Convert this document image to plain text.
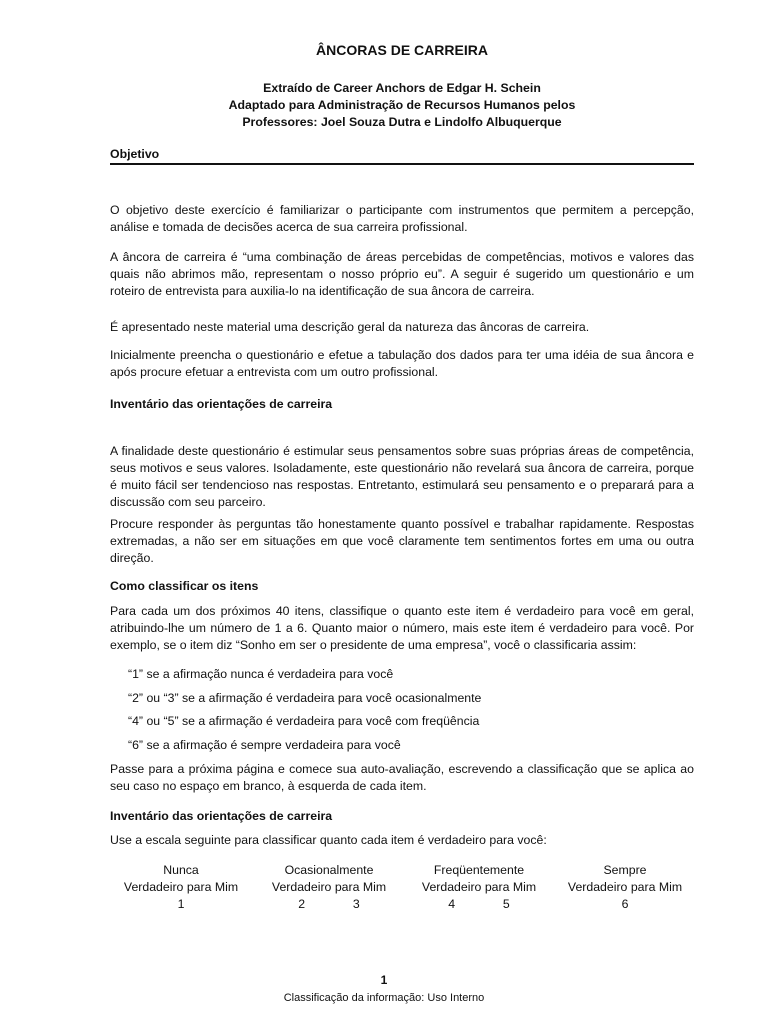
ÂNCORAS DE CARREIRA
Extraído de Career Anchors de Edgar H. Schein
Adaptado para Administração de Recursos Humanos pelos
Professores: Joel Souza Dutra e Lindolfo Albuquerque
Objetivo
O objetivo deste exercício é familiarizar o participante com instrumentos que permitem a percepção, análise e tomada de decisões acerca de sua carreira profissional.
A âncora de carreira é “uma combinação de áreas percebidas de competências, motivos e valores das quais não abrimos mão, representam o nosso próprio eu”. A seguir é sugerido um questionário e um roteiro de entrevista para auxilia-lo na identificação de sua âncora de carreira.
É apresentado neste material uma descrição geral da natureza das âncoras de carreira.
Inicialmente preencha o questionário e efetue a tabulação dos dados para ter uma idéia de sua âncora e após procure efetuar a entrevista com um outro profissional.
Inventário das orientações de carreira
A finalidade deste questionário é estimular seus pensamentos sobre suas próprias áreas de competência, seus motivos e seus valores. Isoladamente, este questionário não revelará sua âncora de carreira, porque é muito fácil ser tendencioso nas respostas. Entretanto, estimulará seu pensamento e o preparará para a discussão com seu parceiro.
Procure responder às perguntas tão honestamente quanto possível e trabalhar rapidamente. Respostas extremadas, a não ser em situações em que você claramente tem sentimentos fortes em uma ou outra direção.
Como classificar os itens
Para cada um dos próximos 40 itens, classifique o quanto este item é verdadeiro para você em geral, atribuindo-lhe um número de 1 a 6. Quanto maior o número, mais este item é verdadeiro para você. Por exemplo, se o item diz “Sonho em ser o presidente de uma empresa”, você o classificaria assim:
“1” se a afirmação nunca é verdadeira para você
“2” ou “3” se a afirmação é verdadeira para você ocasionalmente
“4” ou “5” se a afirmação é verdadeira para você com freqüência
“6” se a afirmação é sempre verdadeira para você
Passe para a próxima página e comece sua auto-avaliação, escrevendo a classificação que se aplica ao seu caso no espaço em branco, à esquerda de cada item.
Inventário das orientações de carreira
Use a escala seguinte para classificar quanto cada item é verdadeiro para você:
Nunca
Verdadeiro para Mim
1
Ocasionalmente
Verdadeiro para Mim
2              3
Freqüentemente
Verdadeiro para Mim
4              5
Sempre
Verdadeiro para Mim
6
1
Classificação da informação: Uso Interno
